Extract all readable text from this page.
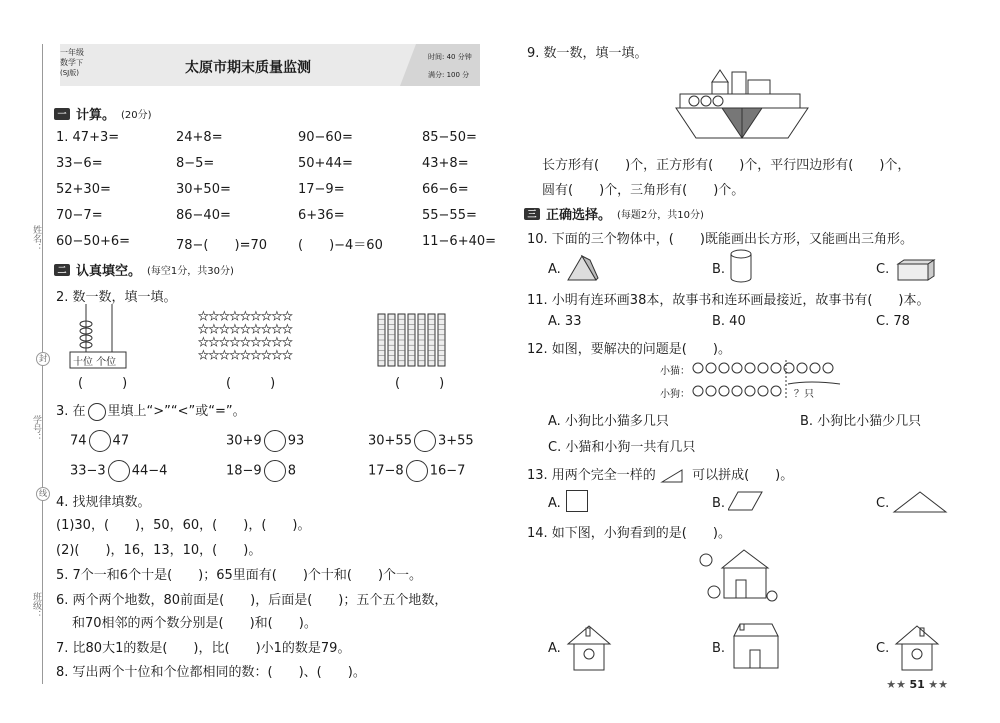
姓名：
学号：
班级：
封
线
一年级
数学下
(SJ版)	太原市期末质量监测
时间: 40 分钟
满分: 100 分
一 计算。 (20分)
1. 47+3=	24+8=	90−60=	85−50=
33−6=	8−5=	50+44=	43+8=
52+30=	30+50=	17−9=	66−6=
70−7=	86−40=	6+36=	55−55=
60−50+6=	78−(　　)=70 (　　)−4＝60	11−6+40=
二 认真填空。 (每空1分，共30分)
2. 数一数，填一填。
十位 个位
(　　　)
★ ★ ★ ★ ★ ★ ★ ★ ★
★ ★ ★ ★ ★ ★ ★ ★ ★
★ ★ ★ ★ ★ ★ ★ ★ ★
★ ★ ★ ★ ★ ★ ★ ★ ★
(　　　)	(　　　)
3. 在 里填上“>”“<”或“=”。
74 47	30+9 93	30+55 3+55
33−3 44−4	18−9 8	17−8 16−7
4. 找规律填数。
(1)30，(　　)，50，60，(　　)，(　　)。
(2)(　　)，16，13，10，(　　)。
5. 7个一和6个十是(　　)；65里面有(　　)个十和(　　)个一。
6. 两个两个地数，80前面是(　　)，后面是(　　)；五个五个地数，
和70相邻的两个数分别是(　　)和(　　)。
7. 比80大1的数是(　　)，比(　　)小1的数是79。
8. 写出两个十位和个位都相同的数：(　　)、(　　)。
9. 数一数，填一填。
长方形有(　　)个，正方形有(　　)个，平行四边形有(　　)个，
圆有(　　)个，三角形有(　　)个。
三 正确选择。 (每题2分，共10分)
10. 下面的三个物体中，(　　)既能画出长方形，又能画出三角形。
A.	B.	C.
11. 小明有连环画38本，故事书和连环画最接近，故事书有(　　)本。
A. 33	B. 40	C. 78
12. 如图，要解决的问题是(　　)。
小猫：
小狗：	？只
A. 小狗比小猫多几只	B. 小狗比小猫少几只
C. 小猫和小狗一共有几只
13. 用两个完全一样的	可以拼成(　　)。
A.	B.	C.
14. 如下图，小狗看到的是(　　)。
A.	B.	C.
★★ 51 ★★
